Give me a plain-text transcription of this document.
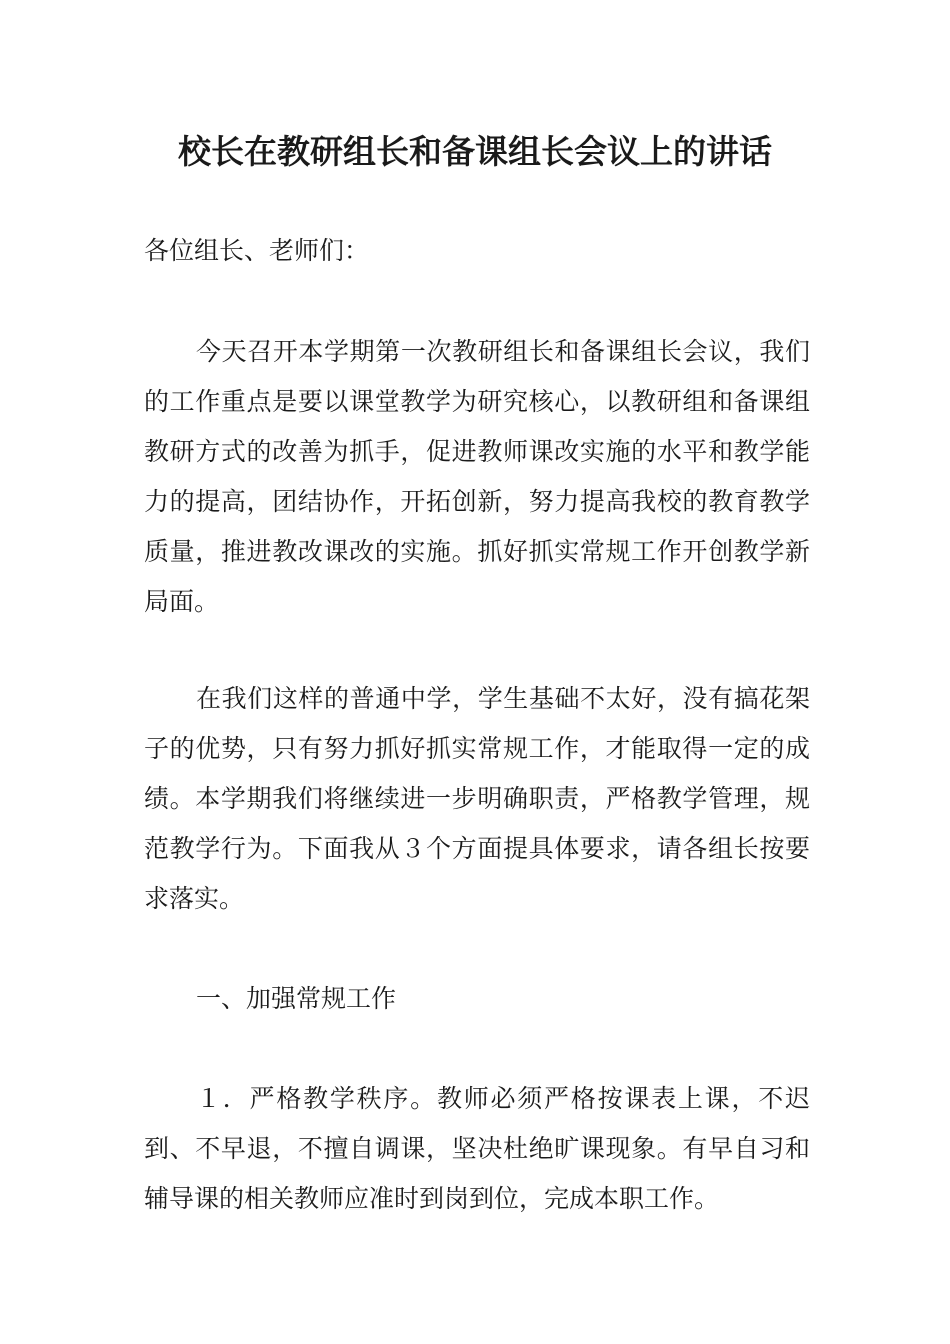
校长在教研组长和备课组长会议上的讲话

各位组长、老师们：

今天召开本学期第一次教研组长和备课组长会议，我们的工作重点是要以课堂教学为研究核心，以教研组和备课组教研方式的改善为抓手，促进教师课改实施的水平和教学能力的提高，团结协作，开拓创新，努力提高我校的教育教学质量，推进教改课改的实施。抓好抓实常规工作开创教学新局面。

在我们这样的普通中学，学生基础不太好，没有搞花架子的优势，只有努力抓好抓实常规工作，才能取得一定的成绩。本学期我们将继续进一步明确职责，严格教学管理，规范教学行为。下面我从３个方面提具体要求，请各组长按要求落实。

一、加强常规工作

１．严格教学秩序。教师必须严格按课表上课，不迟到、不早退，不擅自调课，坚决杜绝旷课现象。有早自习和辅导课的相关教师应准时到岗到位，完成本职工作。
